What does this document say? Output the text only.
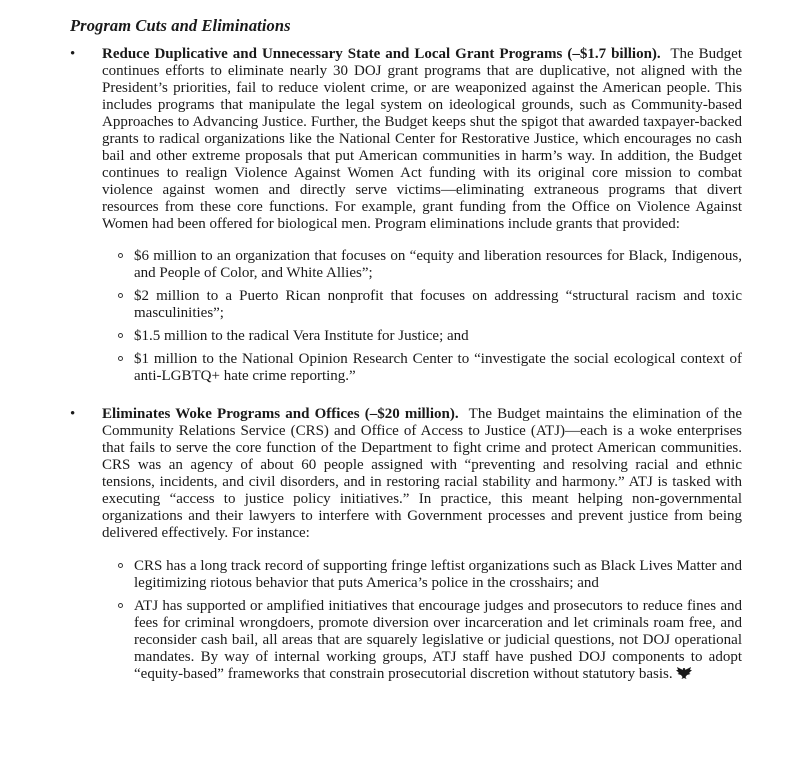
Program Cuts and Eliminations
•	Reduce Duplicative and Unnecessary State and Local Grant Programs (–$1.7 billion). The Budget continues efforts to eliminate nearly 30 DOJ grant programs that are duplicative, not aligned with the President’s priorities, fail to reduce violent crime, or are weaponized against the American people. This includes programs that manipulate the legal system on ideological grounds, such as Community-based Approaches to Advancing Justice. Further, the Budget keeps shut the spigot that awarded taxpayer-backed grants to radical organizations like the National Center for Restorative Justice, which encourages no cash bail and other extreme proposals that put American communities in harm’s way. In addition, the Budget continues to realign Violence Against Women Act funding with its original core mission to combat violence against women and directly serve victims—eliminating extraneous programs that divert resources from these core functions. For example, grant funding from the Office on Violence Against Women had been offered for biological men. Program eliminations include grants that provided:
$6 million to an organization that focuses on “equity and liberation resources for Black, Indigenous, and People of Color, and White Allies”;
$2 million to a Puerto Rican nonprofit that focuses on addressing “structural racism and toxic masculinities”;
$1.5 million to the radical Vera Institute for Justice; and
$1 million to the National Opinion Research Center to “investigate the social ecological context of anti-LGBTQ+ hate crime reporting.”
•	Eliminates Woke Programs and Offices (–$20 million). The Budget maintains the elimination of the Community Relations Service (CRS) and Office of Access to Justice (ATJ)—each is a woke enterprises that fails to serve the core function of the Department to fight crime and protect American communities. CRS was an agency of about 60 people assigned with “preventing and resolving racial and ethnic tensions, incidents, and civil disorders, and in restoring racial stability and harmony.” ATJ is tasked with executing “access to justice policy initiatives.” In practice, this meant helping non-governmental organizations and their lawyers to interfere with Government processes and prevent justice from being delivered effectively. For instance:
CRS has a long track record of supporting fringe leftist organizations such as Black Lives Matter and legitimizing riotous behavior that puts America’s police in the crosshairs; and
ATJ has supported or amplified initiatives that encourage judges and prosecutors to reduce fines and fees for criminal wrongdoers, promote diversion over incarceration and let criminals roam free, and reconsider cash bail, all areas that are squarely legislative or judicial questions, not DOJ operational mandates. By way of internal working groups, ATJ staff have pushed DOJ components to adopt “equity-based” frameworks that constrain prosecutorial discretion without statutory basis.
